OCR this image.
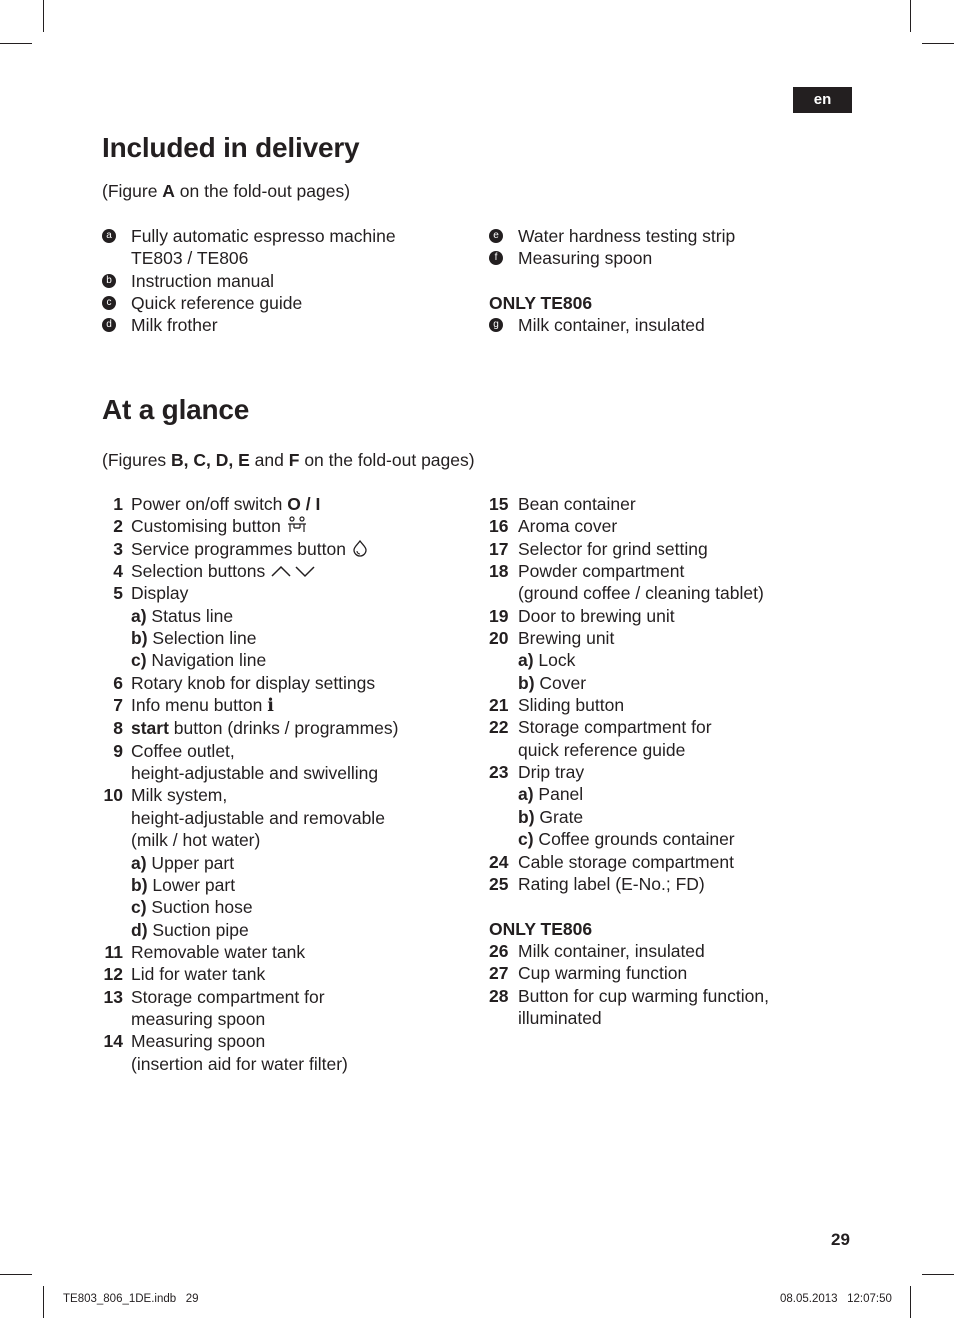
en
Included in delivery
(Figure A on the fold-out pages)
a Fully automatic espresso machine
TE803 / TE806
b Instruction manual
c Quick reference guide
d Milk frother
e Water hardness testing strip
f	Measuring spoon
ONLY TE806
g Milk container, insulated
At a glance
(Figures B, C, D, E and F on the fold-out pages)
1 Power on/off switch O / I
2 Customising button
3 Service programmes button
4 Selection buttons
5 Display
a) Status line
b) Selection line
c) Navigation line
6 Rotary knob for display settings
7 Info menu button i
8 start button (drinks / programmes)
9 Coffee outlet,
height-adjustable and swivelling
10 Milk system,
height-adjustable and removable
(milk / hot water)
a) Upper part
b) Lower part
c) Suction hose
d) Suction pipe
11 Removable water tank
12 Lid for water tank
13 Storage compartment for
measuring spoon
14 Measuring spoon
(insertion aid for water filter)
15 Bean container
16 Aroma cover
17 Selector for grind setting
18 Powder compartment
(ground coffee / cleaning tablet)
19 Door to brewing unit
20 Brewing unit
a) Lock
b) Cover
21 Sliding button
22 Storage compartment for
quick reference guide
23 Drip tray
a) Panel
b) Grate
c) Coffee grounds container
24 Cable storage compartment
25 Rating label (E-No.; FD)
ONLY TE806
26 Milk container, insulated
27 Cup warming function
28 Button for cup warming function,
illuminated
29
TE803_806_1DE.indb   29	08.05.2013   12:07:50
